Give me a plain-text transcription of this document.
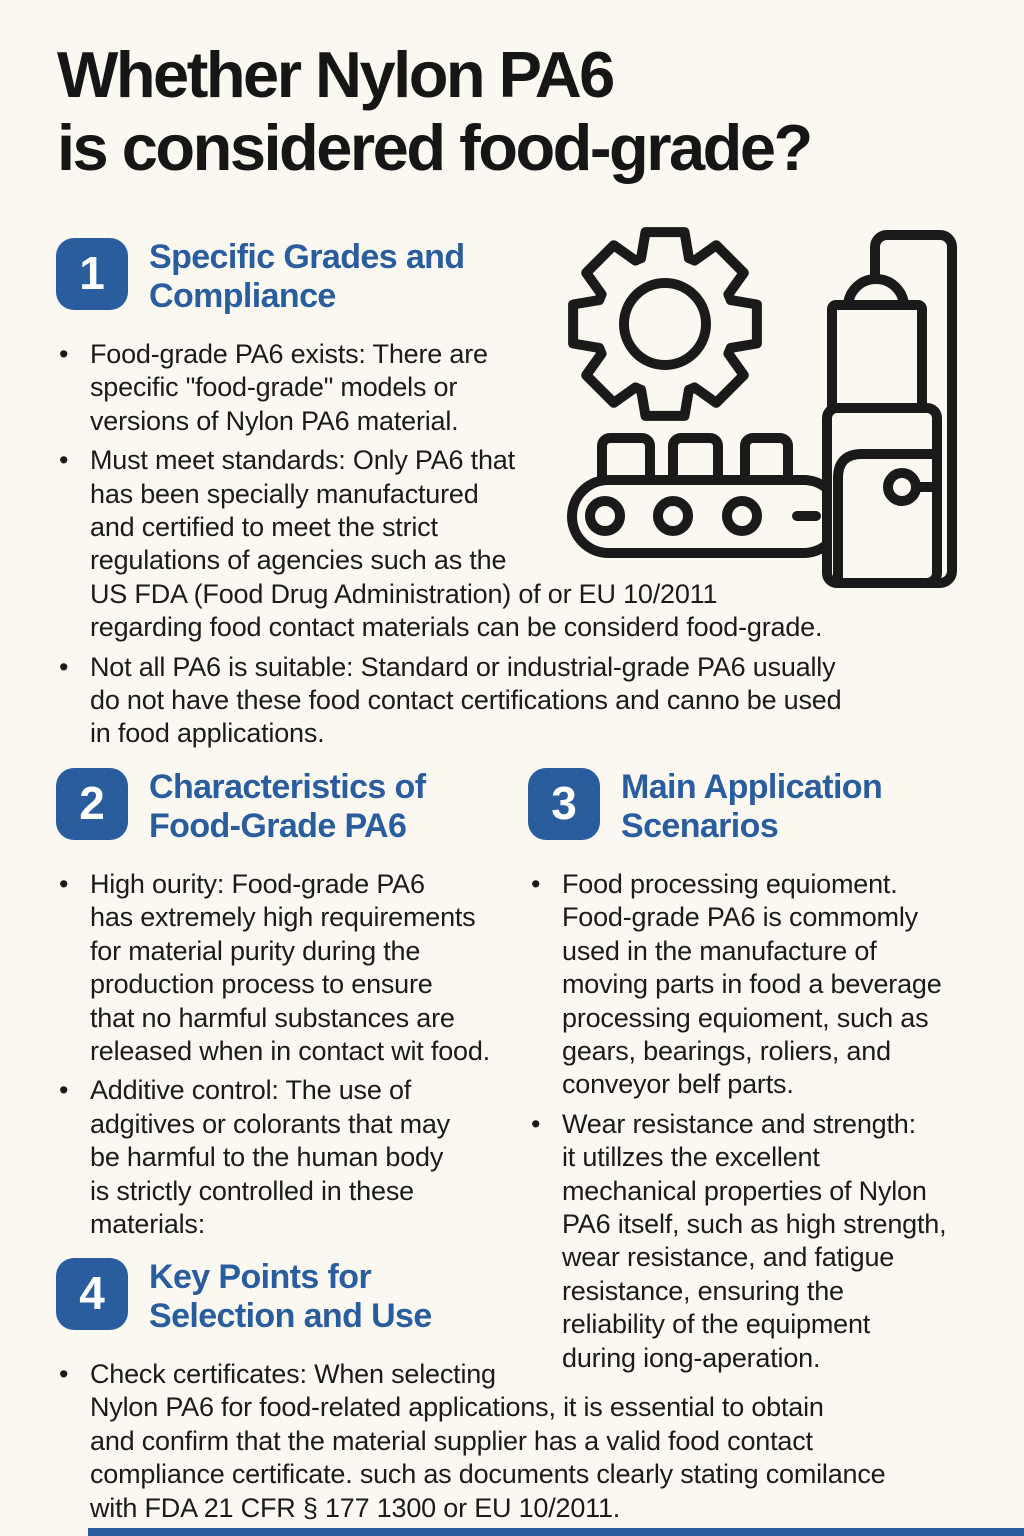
Whether Nylon PA6
is considered food-grade?
1	Specific Grades and
Compliance
• Food-grade PA6 exists: There are
specific "food-grade" models or
versions of Nylon PA6 material.
• Must meet standards: Only PA6 that
has been specially manufactured
and certified to meet the strict
regulations of agencies such as the
US FDA (Food Drug Administration) of or EU 10/2011
regarding food contact materials can be considerd food-grade.
• Not all PA6 is suitable: Standard or industrial-grade PA6 usually
do not have these food contact certifications and canno be used
in food applications.
2	Characteristics of
Food-Grade PA6
• High ourity: Food-grade PA6
has extremely high requirements
for material purity during the
production process to ensure
that no harmful substances are
released when in contact wit food.
• Additive control: The use of
adgitives or colorants that may
be harmful to the human body
is strictly controlled in these
materials:
3	Main Application
Scenarios
• Food processing equioment.
Food-grade PA6 is commomly
used in the manufacture of
moving parts in food a beverage
processing equioment, such as
gears, bearings, roliers, and
conveyor belf parts.
• Wear resistance and strength:
it utillzes the excellent
mechanical properties of Nylon
PA6 itself, such as high strength,
wear resistance, and fatigue
resistance, ensuring the
reliability of the equipment
during iong-aperation.
4	Key Points for
Selection and Use
• Check certificates: When selecting
Nylon PA6 for food-related applications, it is essential to obtain
and confirm that the material supplier has a valid food contact
compliance certificate. such as documents clearly stating comilance
with FDA 21 CFR § 177 1300 or EU 10/2011.
